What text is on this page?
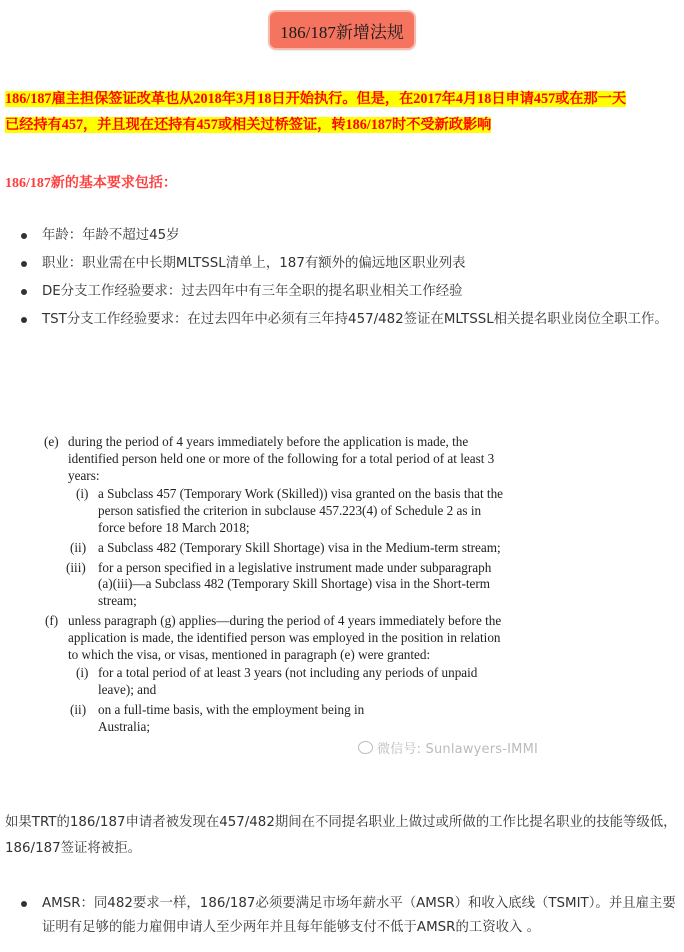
186/187新增法规
186/187雇主担保签证改革也从2018年3月18日开始执行。但是，在2017年4月18日申请457或在那一天
已经持有457，并且现在还持有457或相关过桥签证，转186/187时不受新政影响
186/187新的基本要求包括：
年龄：年龄不超过45岁
职业：职业需在中长期MLTSSL清单上，187有额外的偏远地区职业列表
DE分支工作经验要求：过去四年中有三年全职的提名职业相关工作经验
TST分支工作经验要求：在过去四年中必须有三年持457/482签证在MLTSSL相关提名职业岗位全职工作。
(e) during the period of 4 years immediately before the application is made, the identified person held one or more of the following for a total period of at least 3 years:
(i) a Subclass 457 (Temporary Work (Skilled)) visa granted on the basis that the person satisfied the criterion in subclause 457.223(4) of Schedule 2 as in force before 18 March 2018;
(ii) a Subclass 482 (Temporary Skill Shortage) visa in the Medium-term stream;
(iii) for a person specified in a legislative instrument made under subparagraph (a)(iii)—a Subclass 482 (Temporary Skill Shortage) visa in the Short-term stream;
(f) unless paragraph (g) applies—during the period of 4 years immediately before the application is made, the identified person was employed in the position in relation to which the visa, or visas, mentioned in paragraph (e) were granted:
(i) for a total period of at least 3 years (not including any periods of unpaid leave); and
(ii) on a full-time basis, with the employment being in Australia;
微信号: Sunlawyers-IMMI
如果TRT的186/187申请者被发现在457/482期间在不同提名职业上做过或所做的工作比提名职业的技能等级低，186/187签证将被拒。
AMSR：同482要求一样，186/187必须要满足市场年薪水平（AMSR）和收入底线（TSMIT）。并且雇主要证明有足够的能力雇佣申请人至少两年并且每年能够支付不低于AMSR的工资收入 。
